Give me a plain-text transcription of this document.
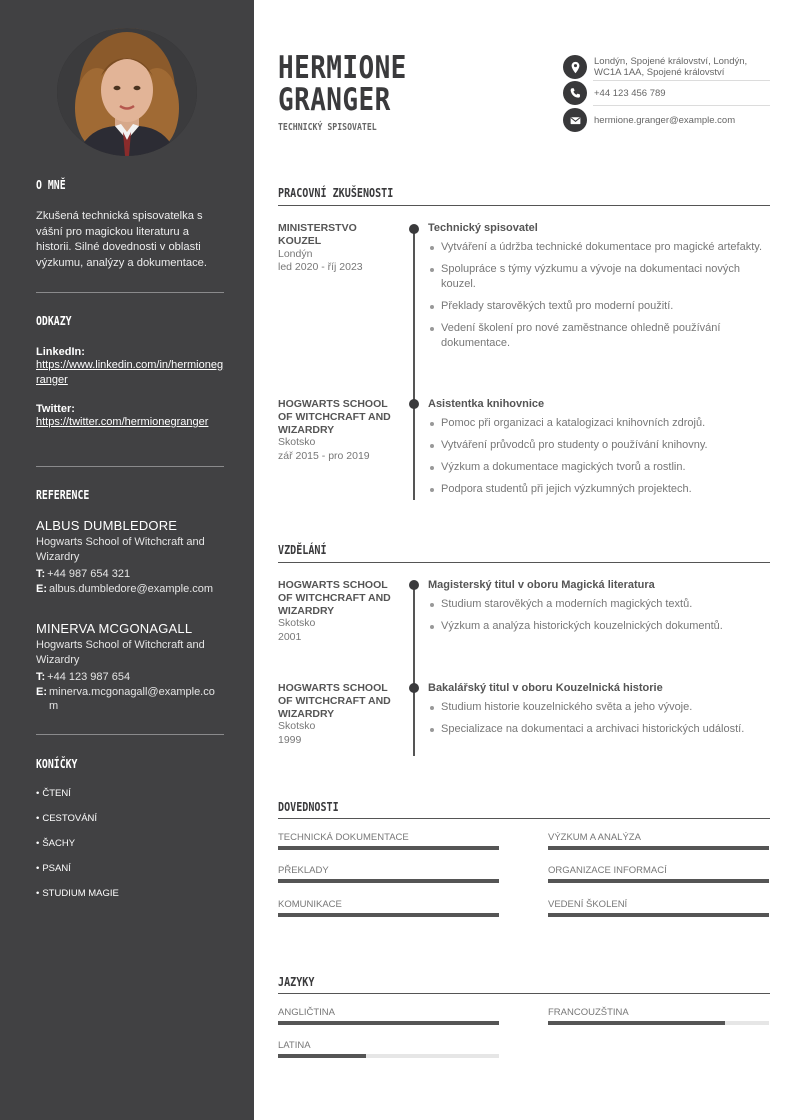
O MNĚ
Zkušená technická spisovatelka s vášní pro magickou literaturu a historii. Silné dovednosti v oblasti výzkumu, analýzy a dokumentace.
ODKAZY
LinkedIn:
https://www.linkedin.com/in/hermionegranger
Twitter:
https://twitter.com/hermionegranger
REFERENCE
ALBUS DUMBLEDORE
Hogwarts School of Witchcraft and Wizardry
T: +44 987 654 321
E: albus.dumbledore@example.com
MINERVA MCGONAGALL
Hogwarts School of Witchcraft and Wizardry
T: +44 123 987 654
E: minerva.mcgonagall@example.com
KONÍČKY
• ČTENÍ
• CESTOVÁNÍ
• ŠACHY
• PSANÍ
• STUDIUM MAGIE
HERMIONE
GRANGER
TECHNICKÝ SPISOVATEL
Londýn, Spojené království, Londýn, WC1A 1AA, Spojené království
+44 123 456 789
hermione.granger@example.com
PRACOVNÍ ZKUŠENOSTI
MINISTERSTVO KOUZEL
Londýn
led 2020 - říj 2023
Technický spisovatel
Vytváření a údržba technické dokumentace pro magické artefakty.
Spolupráce s týmy výzkumu a vývoje na dokumentaci nových kouzel.
Překlady starověkých textů pro moderní použití.
Vedení školení pro nové zaměstnance ohledně používání dokumentace.
HOGWARTS SCHOOL OF WITCHCRAFT AND WIZARDRY
Skotsko
zář 2015 - pro 2019
Asistentka knihovnice
Pomoc při organizaci a katalogizaci knihovních zdrojů.
Vytváření průvodců pro studenty o používání knihovny.
Výzkum a dokumentace magických tvorů a rostlin.
Podpora studentů při jejich výzkumných projektech.
VZDĚLÁNÍ
HOGWARTS SCHOOL OF WITCHCRAFT AND WIZARDRY
Skotsko
2001
Magisterský titul v oboru Magická literatura
Studium starověkých a moderních magických textů.
Výzkum a analýza historických kouzelnických dokumentů.
HOGWARTS SCHOOL OF WITCHCRAFT AND WIZARDRY
Skotsko
1999
Bakalářský titul v oboru Kouzelnická historie
Studium historie kouzelnického světa a jeho vývoje.
Specializace na dokumentaci a archivaci historických událostí.
DOVEDNOSTI
TECHNICKÁ DOKUMENTACE	VÝZKUM A ANALÝZA
PŘEKLADY	ORGANIZACE INFORMACÍ
KOMUNIKACE	VEDENÍ ŠKOLENÍ
JAZYKY
ANGLIČTINA	FRANCOUZŠTINA
LATINA
